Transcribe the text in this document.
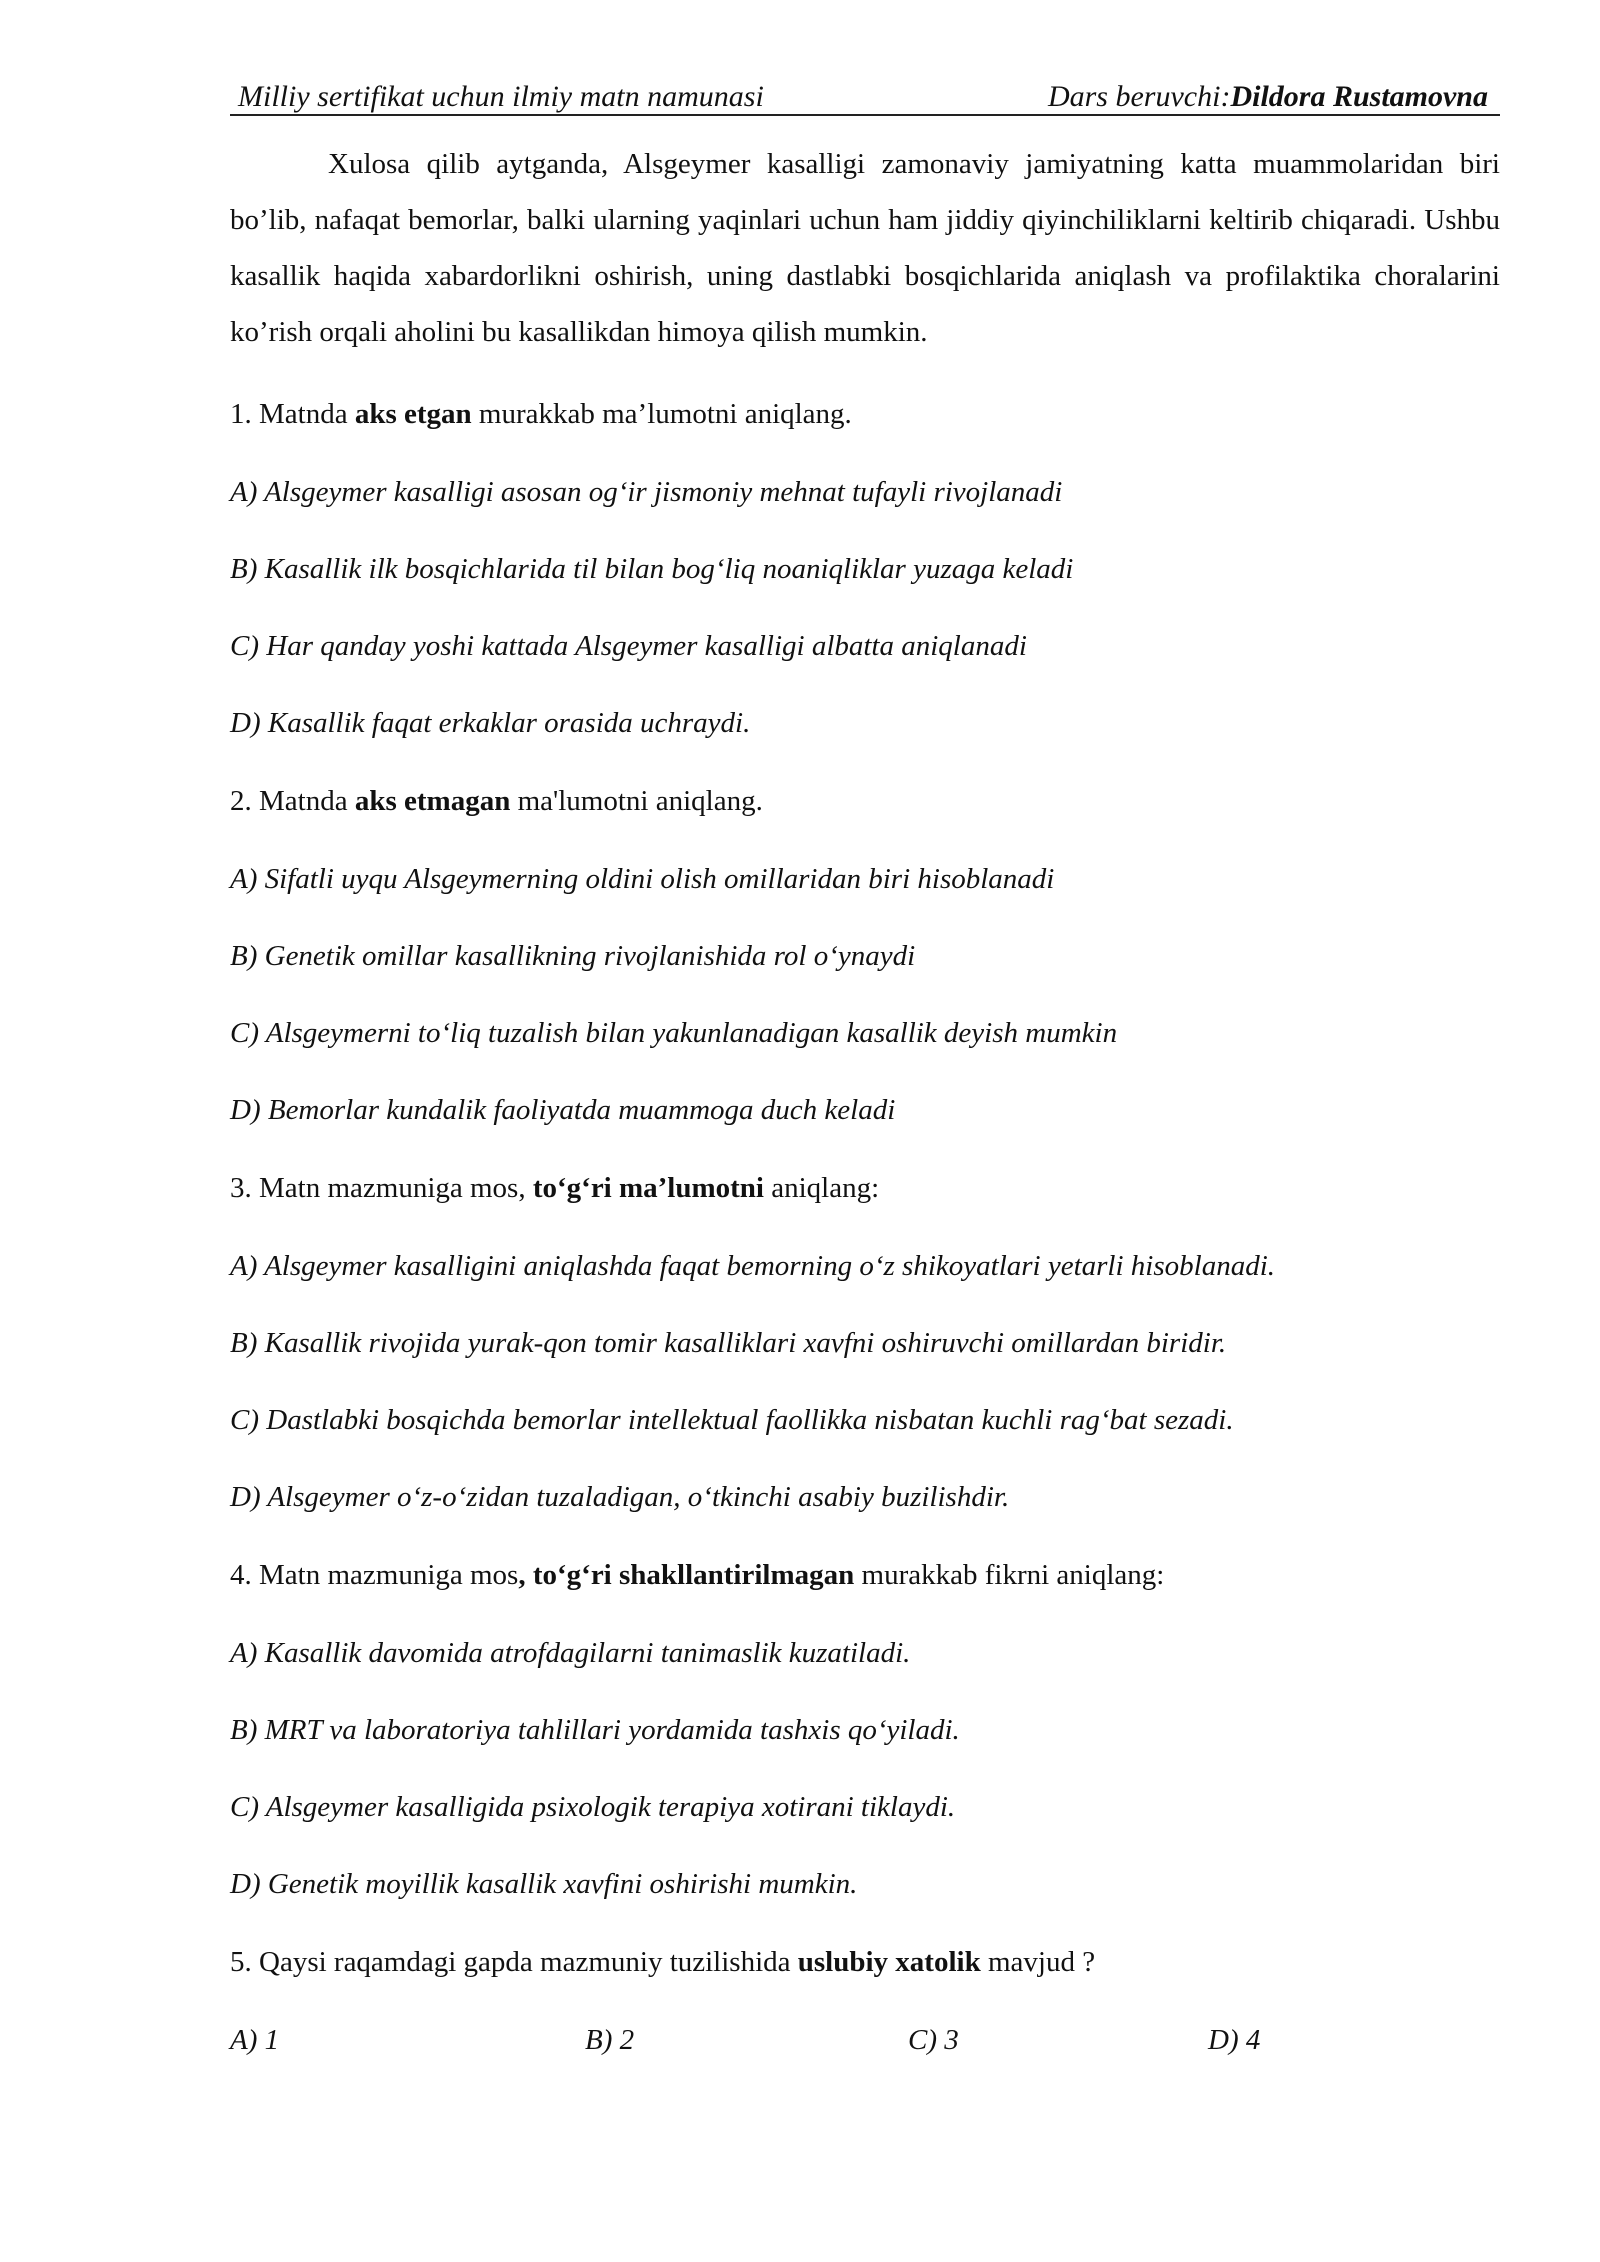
Milliy sertifikat uchun ilmiy matn namunasi	Dars beruvchi:Dildora Rustamovna

Xulosa qilib aytganda, Alsgeymer kasalligi zamonaviy jamiyatning katta muammolaridan biri bo’lib, nafaqat bemorlar, balki ularning yaqinlari uchun ham jiddiy qiyinchiliklarni keltirib chiqaradi. Ushbu kasallik haqida xabardorlikni oshirish, uning dastlabki bosqichlarida aniqlash va profilaktika choralarini ko’rish orqali aholini bu kasallikdan himoya qilish mumkin.

1. Matnda aks etgan murakkab ma’lumotni aniqlang.

A) Alsgeymer kasalligi asosan og‘ir jismoniy mehnat tufayli rivojlanadi

B) Kasallik ilk bosqichlarida til bilan bog‘liq noaniqliklar yuzaga keladi

C) Har qanday yoshi kattada Alsgeymer kasalligi albatta aniqlanadi

D) Kasallik faqat erkaklar orasida uchraydi.

2. Matnda aks etmagan ma'lumotni aniqlang.

A) Sifatli uyqu Alsgeymerning oldini olish omillaridan biri hisoblanadi

B) Genetik omillar kasallikning rivojlanishida rol o‘ynaydi

C) Alsgeymerni to‘liq tuzalish bilan yakunlanadigan kasallik deyish mumkin

D) Bemorlar kundalik faoliyatda muammoga duch keladi

3. Matn mazmuniga mos, to‘g‘ri ma’lumotni aniqlang:

A) Alsgeymer kasalligini aniqlashda faqat bemorning o‘z shikoyatlari yetarli hisoblanadi.

B) Kasallik rivojida yurak-qon tomir kasalliklari xavfni oshiruvchi omillardan biridir.

C) Dastlabki bosqichda bemorlar intellektual faollikka nisbatan kuchli rag‘bat sezadi.

D) Alsgeymer o‘z-o‘zidan tuzaladigan, o‘tkinchi asabiy buzilishdir.

4. Matn mazmuniga mos, to‘g‘ri shakllantirilmagan murakkab fikrni aniqlang:

A) Kasallik davomida atrofdagilarni tanimaslik kuzatiladi.

B) MRT va laboratoriya tahlillari yordamida tashxis qo‘yiladi.

C) Alsgeymer kasalligida psixologik terapiya xotirani tiklaydi.

D) Genetik moyillik kasallik xavfini oshirishi mumkin.

5. Qaysi raqamdagi gapda mazmuniy tuzilishida uslubiy xatolik mavjud ?

A) 1	B) 2	C) 3	D) 4
